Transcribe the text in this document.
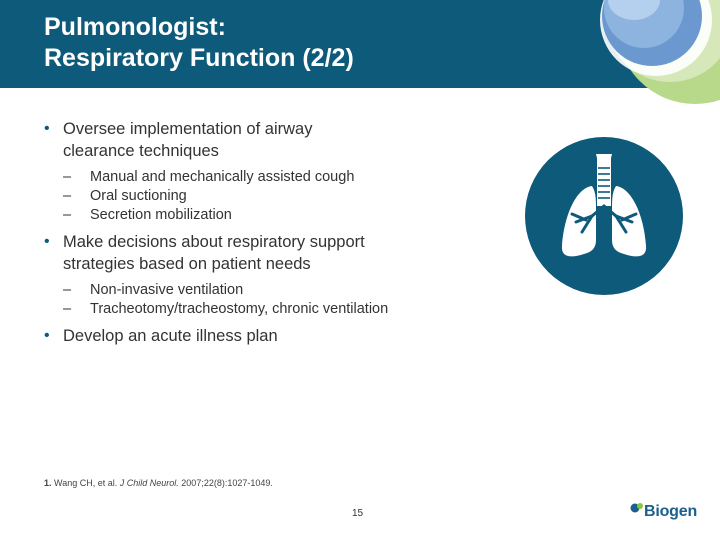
Pulmonologist:
Respiratory Function (2/2)
• Oversee implementation of airway
clearance techniques
– Manual and mechanically assisted cough
– Oral suctioning
– Secretion mobilization
• Make decisions about respiratory support
strategies based on patient needs
– Non-invasive ventilation
– Tracheotomy/tracheostomy, chronic ventilation
• Develop an acute illness plan
1. Wang CH, et al. J Child Neurol. 2007;22(8):1027-1049.
15	Biogen
